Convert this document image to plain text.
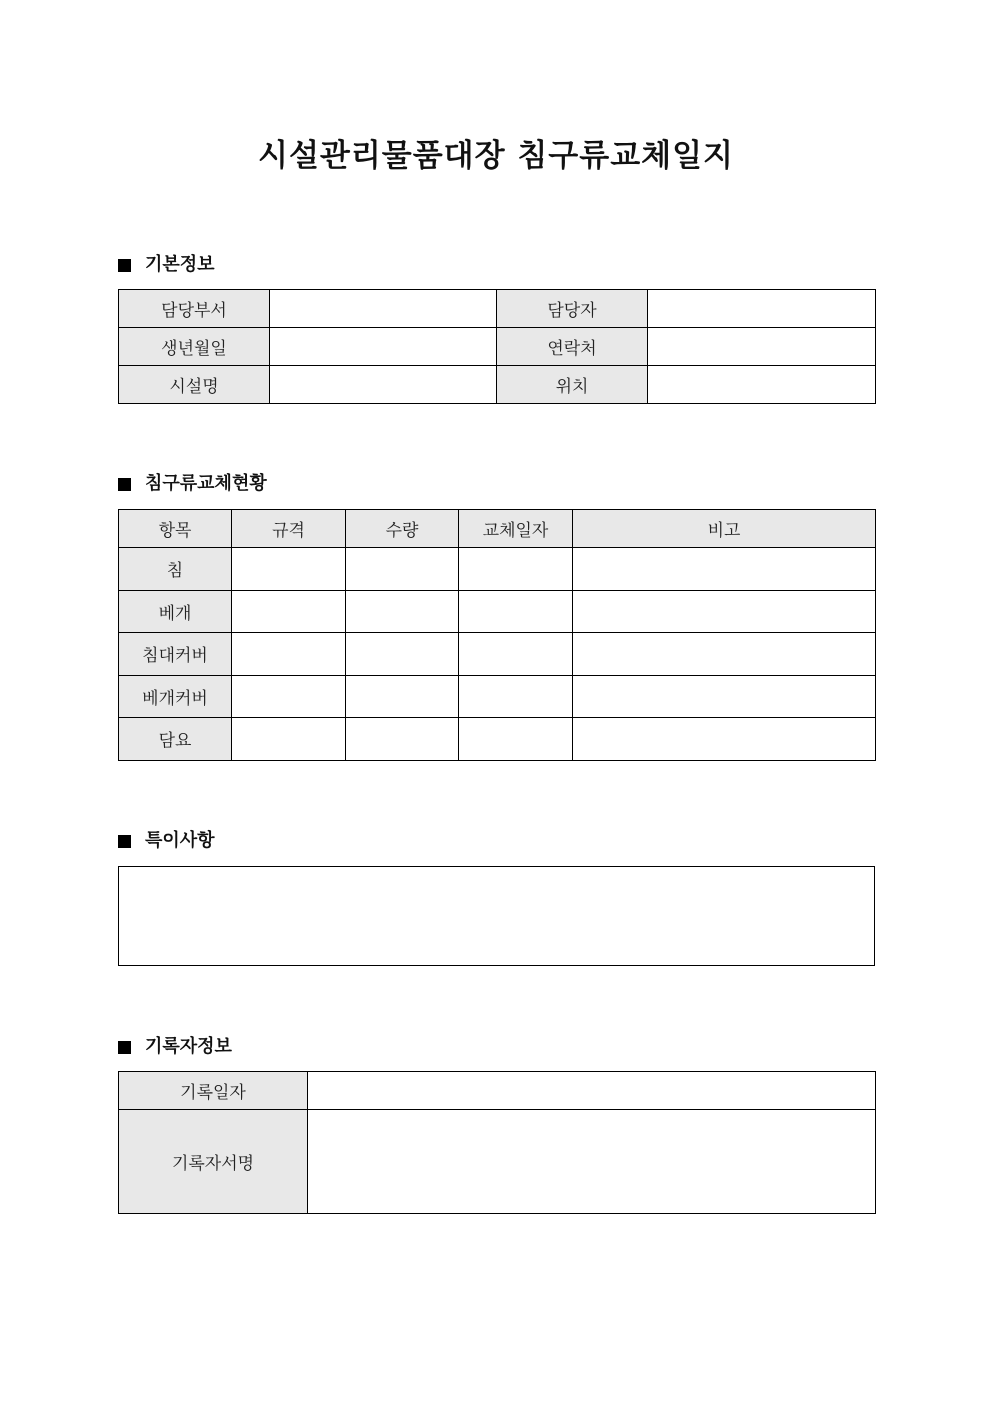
시설관리물품대장 침구류교체일지
기본정보
담당부서		담당자	
생년월일		연락처	
시설명		위치	
침구류교체현황
항목	규격	수량	교체일자	비고
침				
베개				
침대커버				
베개커버				
담요				
특이사항
기록자정보
기록일자	
기록자서명	
